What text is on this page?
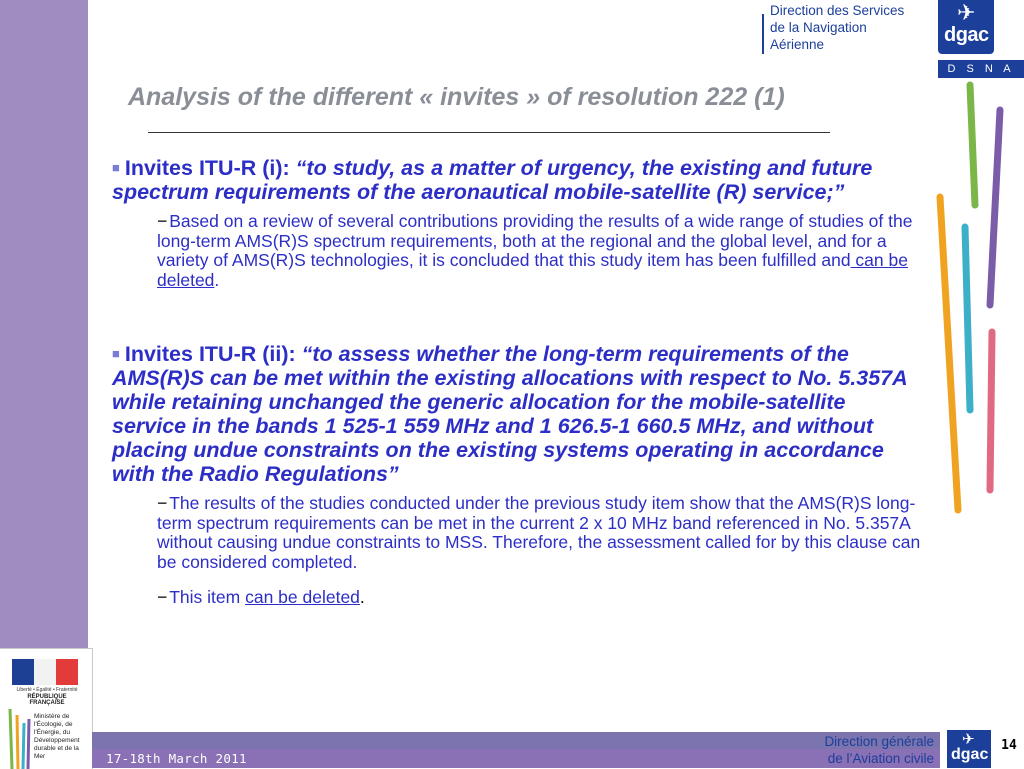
Direction des Services
de la Navigation
Aérienne
✈
dgac
D S N A
Analysis of the different « invites » of resolution 222 (1)
■ Invites ITU-R (i): “to study, as a matter of urgency, the existing and future spectrum requirements of the aeronautical mobile-satellite (R) service;”
− Based on a review of several contributions providing the results of a wide range of studies of the long-term AMS(R)S spectrum requirements, both at the regional and the global level, and for a variety of AMS(R)S technologies, it is concluded that this study item has been fulfilled and can be deleted.
■ Invites ITU-R (ii): “to assess whether the long-term requirements of the AMS(R)S can be met within the existing allocations with respect to No. 5.357A while retaining unchanged the generic allocation for the mobile-satellite service in the bands 1 525-1 559 MHz and 1 626.5-1 660.5 MHz, and without placing undue constraints on the existing systems operating in accordance with the Radio Regulations”
− The results of the studies conducted under the previous study item show that the AMS(R)S long-term spectrum requirements can be met in the current 2 x 10 MHz band referenced in No. 5.357A without causing undue constraints to MSS. Therefore, the assessment called for by this clause can be considered completed.
− This item can be deleted.
Liberté • Égalité • Fraternité
RÉPUBLIQUE FRANÇAISE
Ministère de l'Écologie, de l'Énergie, du Développement durable et de la Mer	17-18th March 2011
Direction générale
de l’Aviation civile
✈
dgac
14
